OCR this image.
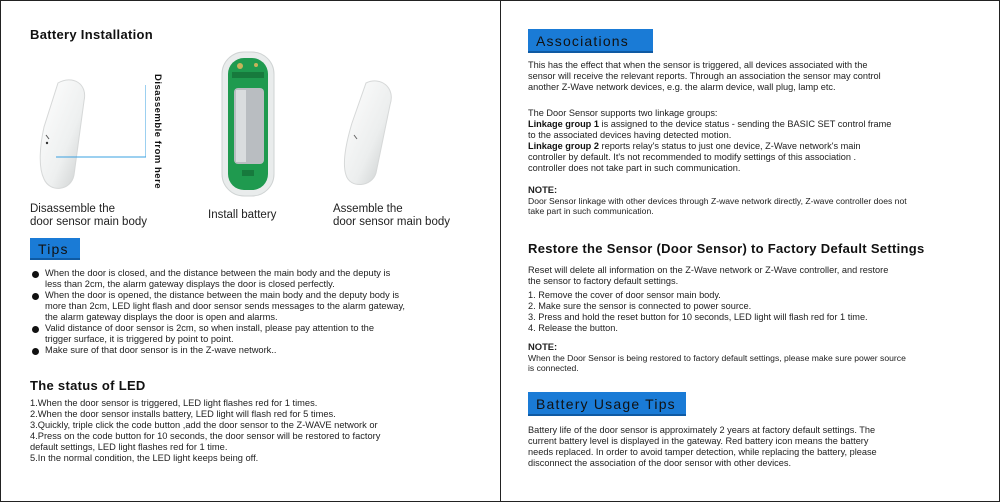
Battery Installation
Disassemble from here
Disassemble the
door sensor main body
Install battery	Assemble the
door sensor main body
Tips
When the door is closed, and the distance between the main body and the deputy is
less than 2cm, the alarm gateway displays the door is closed perfectly.
When the door is opened, the distance between the main body and the deputy body is
more than 2cm, LED light flash and door sensor sends messages to the alarm gateway,
the alarm gateway displays the door is open and alarms.
Valid distance of door sensor is 2cm, so when install, please pay attention to the
trigger surface, it is triggered by point to point.
Make sure of that door sensor is in the Z-wave network..
The status of LED
1.When the door sensor is triggered, LED light flashes red for 1 times.
2.When the door sensor installs battery, LED light will flash red for 5 times.
3.Quickly, triple click the code button ,add the door sensor to the Z-WAVE network or
4.Press on the code button for 10 seconds, the door sensor will be restored to factory
default settings, LED light flashes red for 1 time.
5.In the normal condition, the LED light keeps being off.
Associations
This has the effect that when the sensor is triggered, all devices associated with the
sensor will receive the relevant reports. Through an association the sensor may control
another Z-Wave network devices, e.g. the alarm device, wall plug, lamp etc.
The Door Sensor supports two linkage groups:
Linkage group 1 is assigned to the device status - sending the BASIC SET control frame
to the associated devices having detected motion.
Linkage group 2 reports relay's status to just one device, Z-Wave network's main
controller by default. It's not recommended to modify settings of this association .
controller does not take part in such communication.
NOTE:
Door Sensor linkage with other devices through Z-wave network directly, Z-wave controller does not
take part in such communication.
Restore the Sensor (Door Sensor) to Factory Default Settings
Reset will delete all information on the Z-Wave network or Z-Wave controller, and restore
the sensor to factory default settings.
1. Remove the cover of door sensor main body.
2. Make sure the sensor is connected to power source.
3. Press and hold the reset button for 10 seconds, LED light will flash red for 1 time.
4. Release the button.
NOTE:
When the Door Sensor is being restored to factory default settings, please make sure power source
is connected.
Battery Usage Tips
Battery life of the door sensor is approximately 2 years at factory default settings. The
current battery level is displayed in the gateway. Red battery icon means the battery
needs replaced. In order to avoid tamper detection, while replacing the battery, please
disconnect the association of the door sensor with other devices.
